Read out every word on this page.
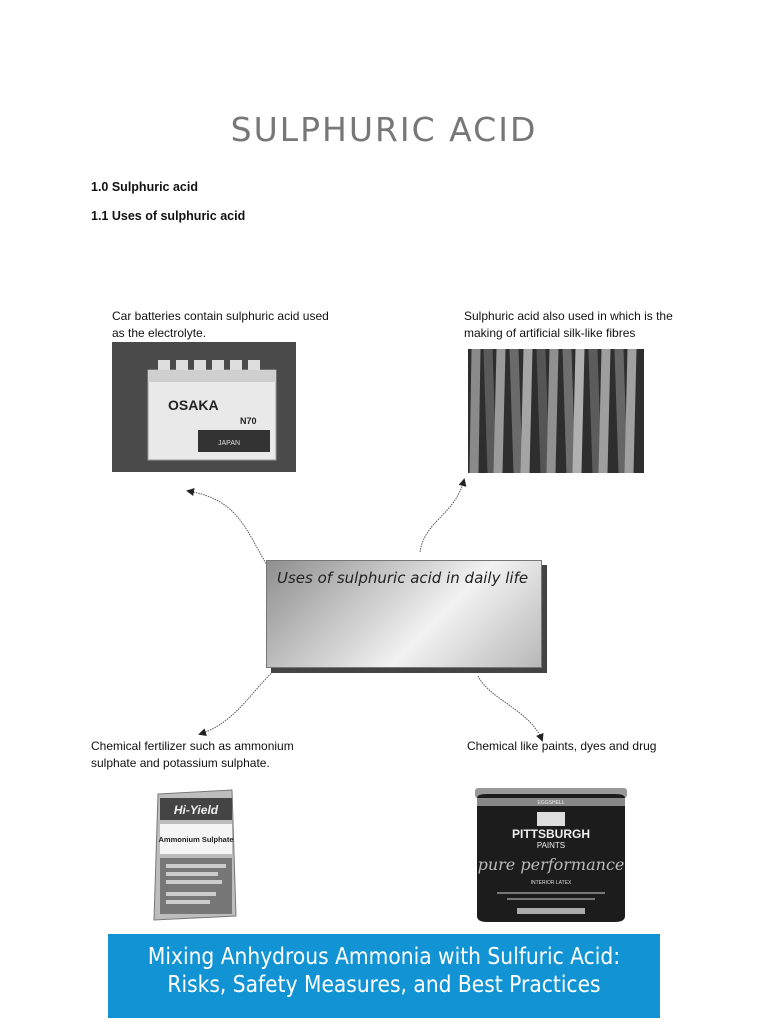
SULPHURIC ACID
1.0 Sulphuric acid
1.1 Uses of sulphuric acid
Car batteries contain sulphuric acid used as the electrolyte.
Sulphuric acid also used in which is the making of artificial silk-like fibres
Chemical fertilizer such as ammonium sulphate and potassium sulphate.
Chemical like paints, dyes and drug
OSAKA
N70
JAPAN
Hi-Yield
Ammonium Sulphate
EGGSHELL
PITTSBURGH
PAINTS
pure performance
INTERIOR LATEX
Uses of sulphuric acid in daily life
Mixing Anhydrous Ammonia with Sulfuric Acid: Risks, Safety Measures, and Best Practices
